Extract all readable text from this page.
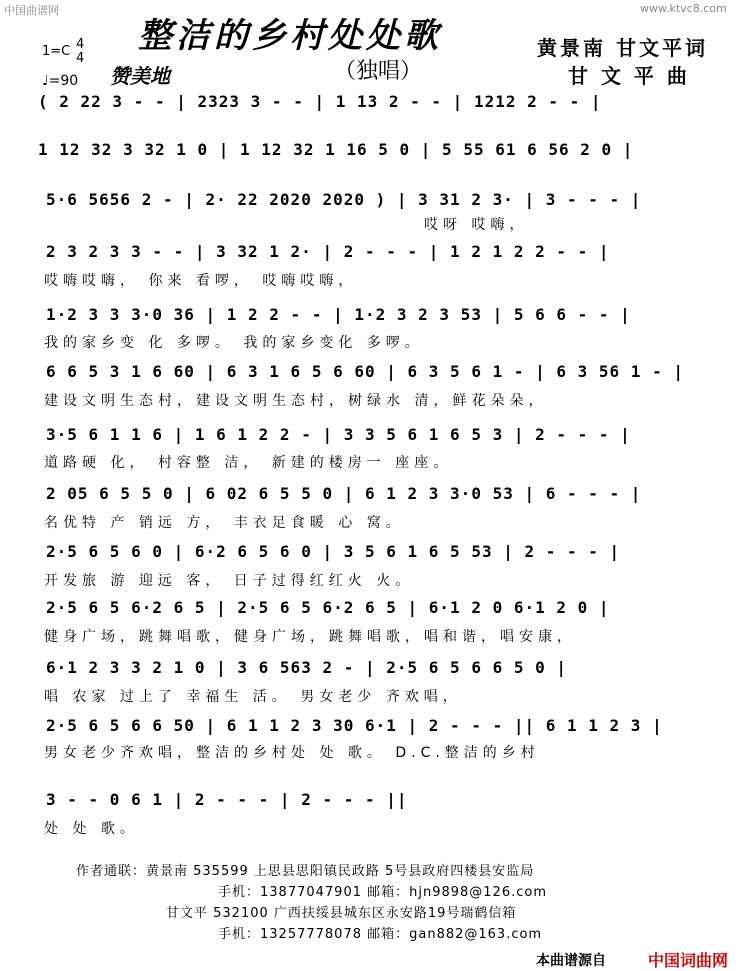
中国曲谱网	www.ktvc8.com
整洁的乡村处处歌	黄景南 甘文平词
甘 文 平 曲
（独唱）
1=C 4
4
♩=90 赞美地
( 2 22 3 - - | 2323 3 - - | 1 13 2 - - | 1212 2 - - |
1 12 32 3 32 1 0 | 1 12 32 1 16 5 0 | 5 55 61 6 56 2 0 |
5·6 5656 2 - | 2· 22 2020 2020 ) | 3 31 2 3· | 3 - - - |
哎呀 哎嗨，
2 3 2 3 3 - - | 3 32 1 2· | 2 - - - | 1 2 1 2 2 - - |
哎嗨哎嗨， 你来 看啰， 哎嗨哎嗨，
1·2 3 3 3·0 36 | 1 2 2 - - | 1·2 3 2 3 53 | 5 6 6 - - |
我的家乡变 化 多啰。 我的家乡变化 多啰。
6 6 5 3 1 6 60 | 6 3 1 6 5 6 60 | 6 3 5 6 1 - | 6 3 56 1 - |
建设文明生态村，建设文明生态村，树绿水 清，鲜花朵朵，
3·5 6 1 1 6 | 1 6 1 2 2 - | 3 3 5 6 1 6 5 3 | 2 - - - |
道路硬 化， 村容整 洁， 新建的楼房一 座座。
2 05 6 5 5 0 | 6 02 6 5 5 0 | 6 1 2 3 3·0 53 | 6 - - - |
名优特 产 销远 方， 丰衣足食暖 心 窝。
2·5 6 5 6 0 | 6·2 6 5 6 0 | 3 5 6 1 6 5 53 | 2 - - - |
开发旅 游 迎远 客， 日子过得红红火 火。
2·5 6 5 6·2 6 5 | 2·5 6 5 6·2 6 5 | 6·1 2 0 6·1 2 0 |
健身广场，跳舞唱歌，健身广场，跳舞唱歌，唱和谐，唱安康，
6·1 2 3 3 2 1 0 | 3 6 563 2 - | 2·5 6 5 6 6 5 0 |
唱 农家 过上了 幸福生 活。 男女老少 齐欢唱，
2·5 6 5 6 6 50 | 6 1 1 2 3 30 6·1 | 2 - - - || 6 1 1 2 3 |
男女老少齐欢唱，整洁的乡村处 处 歌。 D.C.整洁的乡村
3 - - 0 6 1 | 2 - - - | 2 - - - ||
处 处 歌。
作者通联：黄景南 535599 上思县思阳镇民政路 5号县政府四楼县安监局
手机：13877047901 邮箱：hjn9898@126.com
甘文平 532100 广西扶绥县城东区永安路19号瑞鹤信箱
手机：13257778078 邮箱：gan882@163.com
本曲谱源自	中国词曲网
